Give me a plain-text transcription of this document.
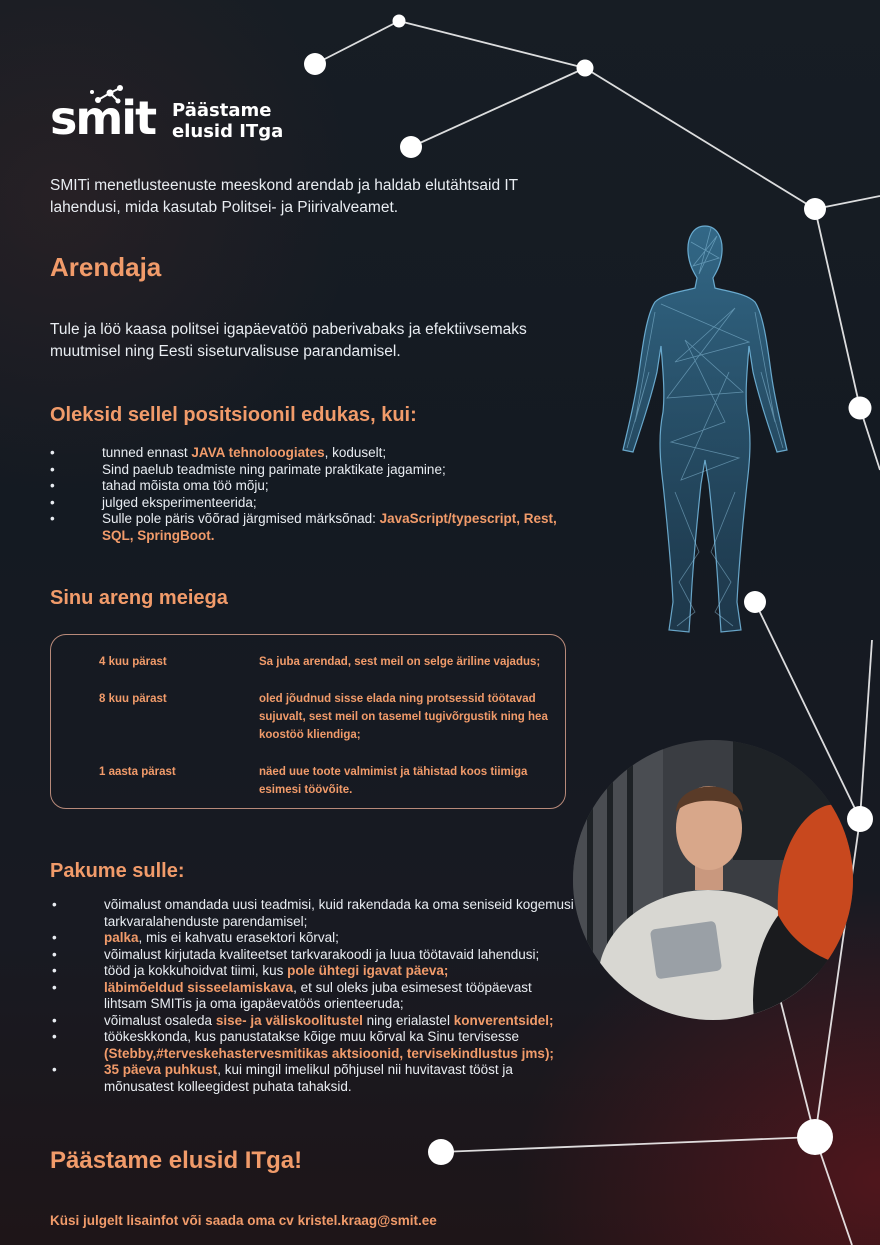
smit Päästame
elusid ITga
SMITi menetlusteenuste meeskond arendab ja haldab elutähtsaid IT lahendusi, mida kasutab Politsei- ja Piirivalveamet.
Arendaja
Tule ja löö kaasa politsei igapäevatöö paberivabaks ja efektiivsemaks muutmisel ning Eesti siseturvalisuse parandamisel.
Oleksid sellel positsioonil edukas, kui:
• tunned ennast JAVA tehnoloogiates, koduselt;
• Sind paelub teadmiste ning parimate praktikate jagamine;
• tahad mõista oma töö mõju;
• julged eksperimenteerida;
• Sulle pole päris võõrad järgmised märksõnad: JavaScript/typescript, Rest, SQL, SpringBoot.
Sinu areng meiega
4 kuu pärast	Sa juba arendad, sest meil on selge äriline vajadus;
8 kuu pärast	oled jõudnud sisse elada ning protsessid töötavad sujuvalt, sest meil on tasemel tugivõrgustik ning hea koostöö kliendiga;
1 aasta pärast	näed uue toote valmimist ja tähistad koos tiimiga esimesi töövõite.
Pakume sulle:
• võimalust omandada uusi teadmisi, kuid rakendada ka oma seniseid kogemusi tarkvaralahenduste parendamisel;
• palka, mis ei kahvatu erasektori kõrval;
• võimalust kirjutada kvaliteetset tarkvarakoodi ja luua töötavaid lahendusi;
• tööd ja kokkuhoidvat tiimi, kus pole ühtegi igavat päeva;
• läbimõeldud sisseelamiskava, et sul oleks juba esimesest tööpäevast lihtsam SMITis ja oma igapäevatöös orienteeruda;
• võimalust osaleda sise- ja väliskoolitustel ning erialastel konverentsidel;
• töökeskkonda, kus panustatakse kõige muu kõrval ka Sinu tervisesse (Stebby,#terveskehastervesmitikas aktsioonid, tervisekindlustus jms);
• 35 päeva puhkust, kui mingil imelikul põhjusel nii huvitavast tööst ja mõnusatest kolleegidest puhata tahaksid.
Päästame elusid ITga!
Küsi julgelt lisainfot või saada oma cv kristel.kraag@smit.ee
